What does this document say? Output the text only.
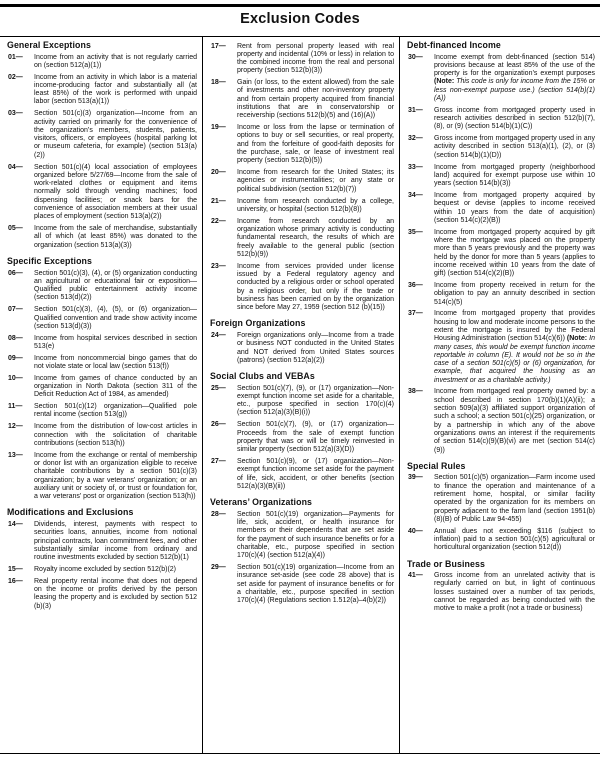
Exclusion Codes
General Exceptions
01— Income from an activity that is not regularly carried on (section 512(a)(1))
02— Income from an activity in which labor is a material income-producing factor and substantially all (at least 85%) of the work is performed with unpaid labor (section 513(a)(1))
03— Section 501(c)(3) organization—Income from an activity carried on primarily for the convenience of the organization’s members, students, patients, visitors, officers, or employees (hospital parking lot or museum cafeteria, for example) (section 513(a)(2))
04— Section 501(c)(4) local association of employees organized before 5/27/69—Income from the sale of work-related clothes or equipment and items normally sold through vending machines; food dispensing facilities; or snack bars for the convenience of association members at their usual places of employment (section 513(a)(2))
05— Income from the sale of merchandise, substantially all of which (at least 85%) was donated to the organization (section 513(a)(3))
Specific Exceptions
06— Section 501(c)(3), (4), or (5) organization conducting an agricultural or educational fair or exposition—Qualified public entertainment activity income (section 513(d)(2))
07— Section 501(c)(3), (4), (5), or (6) organization—Qualified convention and trade show activity income (section 513(d)(3))
08— Income from hospital services described in section 513(e)
09— Income from noncommercial bingo games that do not violate state or local law (section 513(f))
10— Income from games of chance conducted by an organization in North Dakota (section 311 of the Deficit Reduction Act of 1984, as amended)
11— Section 501(c)(12) organization—Qualified pole rental income (section 513(g))
12— Income from the distribution of low-cost articles in connection with the solicitation of charitable contributions (section 513(h))
13— Income from the exchange or rental of membership or donor list with an organization eligible to receive charitable contributions by a section 501(c)(3) organization; by a war veterans’ organization; or an auxiliary unit or society of, or trust or foundation for, a war veterans’ post or organization (section 513(h))
Modifications and Exclusions
14— Dividends, interest, payments with respect to securities loans, annuities, income from notional principal contracts, loan commitment fees, and other substantially similar income from ordinary and routine investments excluded by section 512(b)(1)
15— Royalty income excluded by section 512(b)(2)
16— Real property rental income that does not depend on the income or profits derived by the person leasing the property and is excluded by section 512 (b)(3)
17— Rent from personal property leased with real property and incidental (10% or less) in relation to the combined income from the real and personal property (section 512(b)(3))
18— Gain (or loss, to the extent allowed) from the sale of investments and other non-inventory property and from certain property acquired from financial institutions that are in conservatorship or receivership (sections 512(b)(5) and (16)(A))
19— Income or loss from the lapse or termination of options to buy or sell securities, or real property, and from the forfeiture of good-faith deposits for the purchase, sale, or lease of investment real property (section 512(b)(5))
20— Income from research for the United States; its agencies or instrumentalities; or any state or political subdivision (section 512(b)(7))
21— Income from research conducted by a college, university, or hospital (section 512(b)(8))
22— Income from research conducted by an organization whose primary activity is conducting fundamental research, the results of which are freely available to the general public (section 512(b)(9))
23— Income from services provided under license issued by a Federal regulatory agency and conducted by a religious order or school operated by a religious order, but only if the trade or business has been carried on by the organization since before May 27, 1959 (section 512 (b)(15))
Foreign Organizations
24— Foreign organizations only—Income from a trade or business NOT conducted in the United States and NOT derived from United States sources (patrons) (section 512(a)(2))
Social Clubs and VEBAs
25— Section 501(c)(7), (9), or (17) organization—Non-exempt function income set aside for a charitable, etc., purpose specified in section 170(c)(4) (section 512(a)(3)(B)(i))
26— Section 501(c)(7), (9), or (17) organization—Proceeds from the sale of exempt function property that was or will be timely reinvested in similar property (section 512(a)(3)(D))
27— Section 501(c)(9), or (17) organization—Non-exempt function income set aside for the payment of life, sick, accident, or other benefits (section 512(a)(3)(B)(ii))
Veterans’ Organizations
28— Section 501(c)(19) organization—Payments for life, sick, accident, or health insurance for members or their dependents that are set aside for the payment of such insurance benefits or for a charitable, etc., purpose specified in section 170(c)(4) (section 512(a)(4))
29— Section 501(c)(19) organization—Income from an insurance set-aside (see code 28 above) that is set aside for payment of insurance benefits or for a charitable, etc., purpose specified in section 170(c)(4) (Regulations section 1.512(a)–4(b)(2))
Debt-financed Income
30— Income exempt from debt-financed (section 514) provisions because at least 85% of the use of the property is for the organization’s exempt purposes (Note: This code is only for income from the 15% or less non-exempt purpose use.) (section 514(b)(1)(A))
31— Gross income from mortgaged property used in research activities described in section 512(b)(7), (8), or (9) (section 514(b)(1)(C))
32— Gross income from mortgaged property used in any activity described in section 513(a)(1), (2), or (3) (section 514(b)(1)(D))
33— Income from mortgaged property (neighborhood land) acquired for exempt purpose use within 10 years (section 514(b)(3))
34— Income from mortgaged property acquired by bequest or devise (applies to income received within 10 years from the date of acquisition) (section 514(c)(2)(B))
35— Income from mortgaged property acquired by gift where the mortgage was placed on the property more than 5 years previously and the property was held by the donor for more than 5 years (applies to income received within 10 years from the date of gift) (section 514(c)(2)(B))
36— Income from property received in return for the obligation to pay an annuity described in section 514(c)(5)
37— Income from mortgaged property that provides housing to low and moderate income persons to the extent the mortgage is insured by the Federal Housing Administration (section 514(c)(6)) (Note: In many cases, this would be exempt function income reportable in column (E). It would not be so in the case of a section 501(c)(5) or (6) organization, for example, that acquired the housing as an investment or as a charitable activity.)
38— Income from mortgaged real property owned by: a school described in section 170(b)(1)(A)(ii); a section 509(a)(3) affiliated support organization of such a school; a section 501(c)(25) organization, or by a partnership in which any of the above organizations owns an interest if the requirements of section 514(c)(9)(B)(vi) are met (section 514(c)(9))
Special Rules
39— Section 501(c)(5) organization—Farm income used to finance the operation and maintenance of a retirement home, hospital, or similar facility operated by the organization for its members on property adjacent to the farm land (section 1951(b)(8)(B) of Public Law 94-455)
40— Annual dues not exceeding $116 (subject to inflation) paid to a section 501(c)(5) agricultural or horticultural organization (section 512(d))
Trade or Business
41— Gross income from an unrelated activity that is regularly carried on but, in light of continuous losses sustained over a number of tax periods, cannot be regarded as being conducted with the motive to make a profit (not a trade or business)
